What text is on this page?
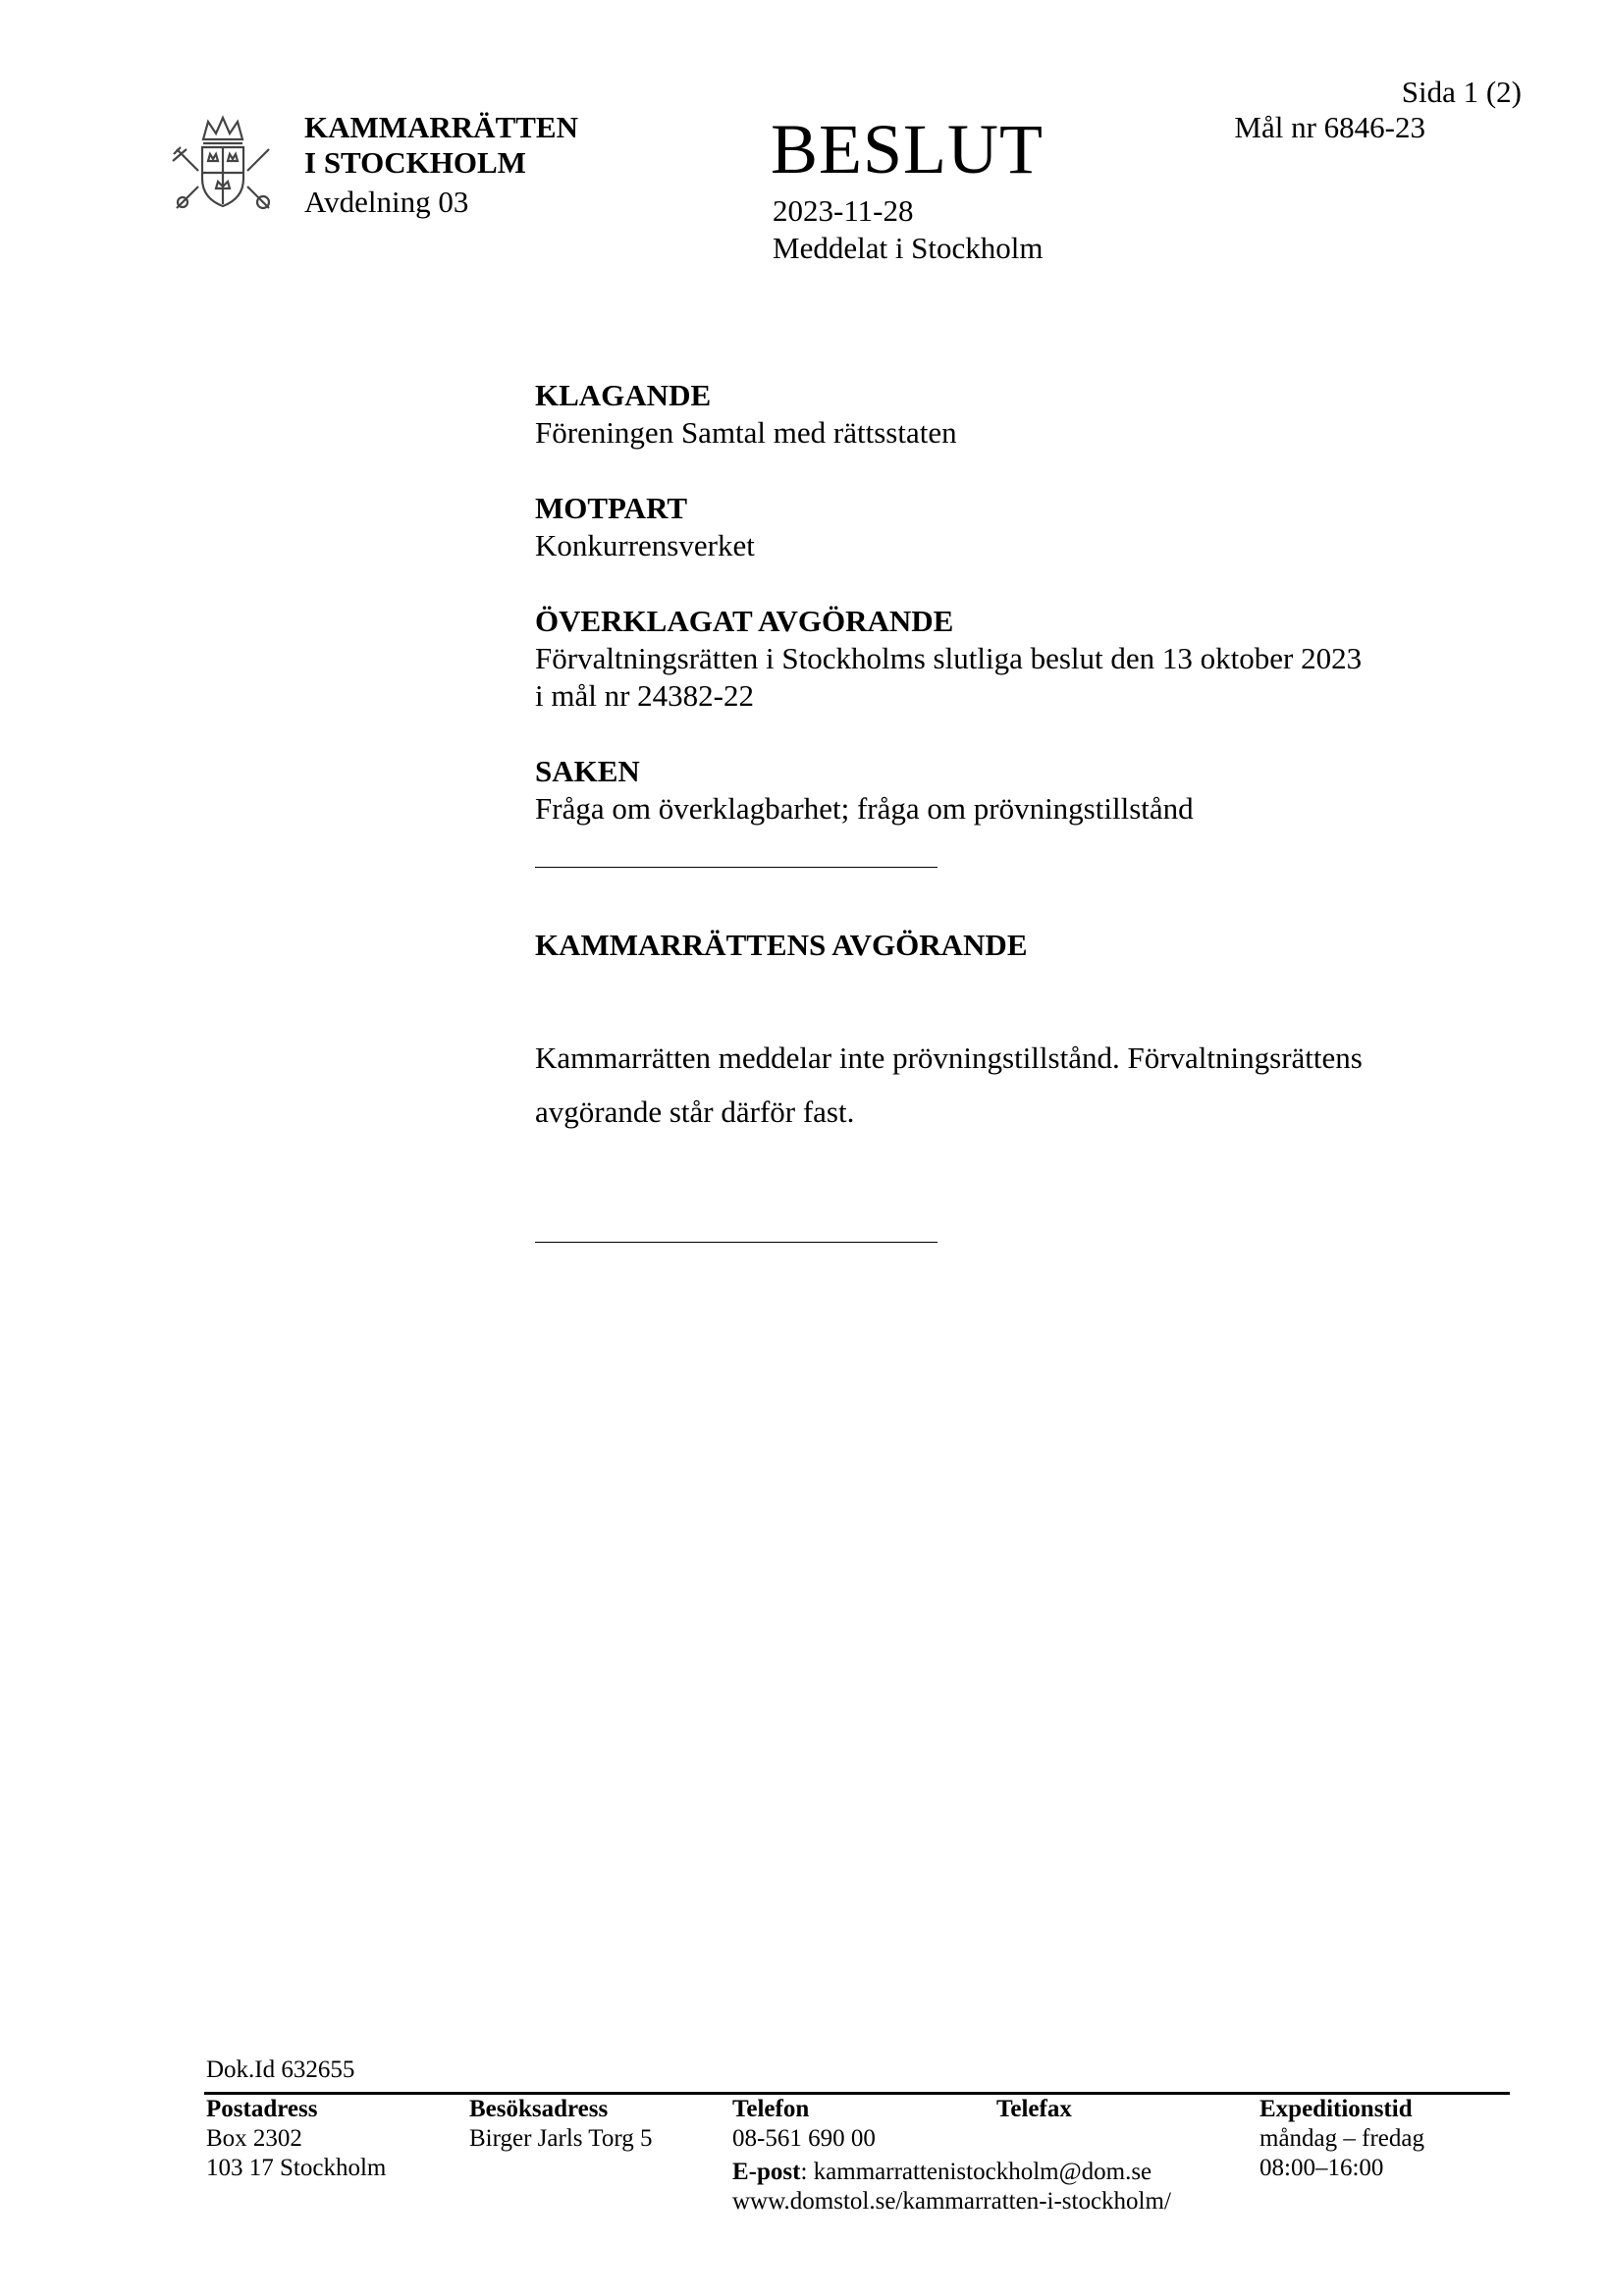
KAMMARRÄTTEN
I STOCKHOLM
Avdelning 03
BESLUT
2023-11-28
Meddelat i Stockholm
Sida 1 (2)
Mål nr 6846-23
KLAGANDE
Föreningen Samtal med rättsstaten
MOTPART
Konkurrensverket
ÖVERKLAGAT AVGÖRANDE
Förvaltningsrätten i Stockholms slutliga beslut den 13 oktober 2023
i mål nr 24382-22
SAKEN
Fråga om överklagbarhet; fråga om prövningstillstånd
KAMMARRÄTTENS AVGÖRANDE
Kammarrätten meddelar inte prövningstillstånd. Förvaltningsrättens
avgörande står därför fast.
Dok.Id 632655
Postadress
Box 2302
103 17 Stockholm
Besöksadress
Birger Jarls Torg 5
Telefon
08-561 690 00
E-post: kammarrattenistockholm@dom.se
www.domstol.se/kammarratten-i-stockholm/
Telefax	Expeditionstid
måndag – fredag
08:00–16:00
